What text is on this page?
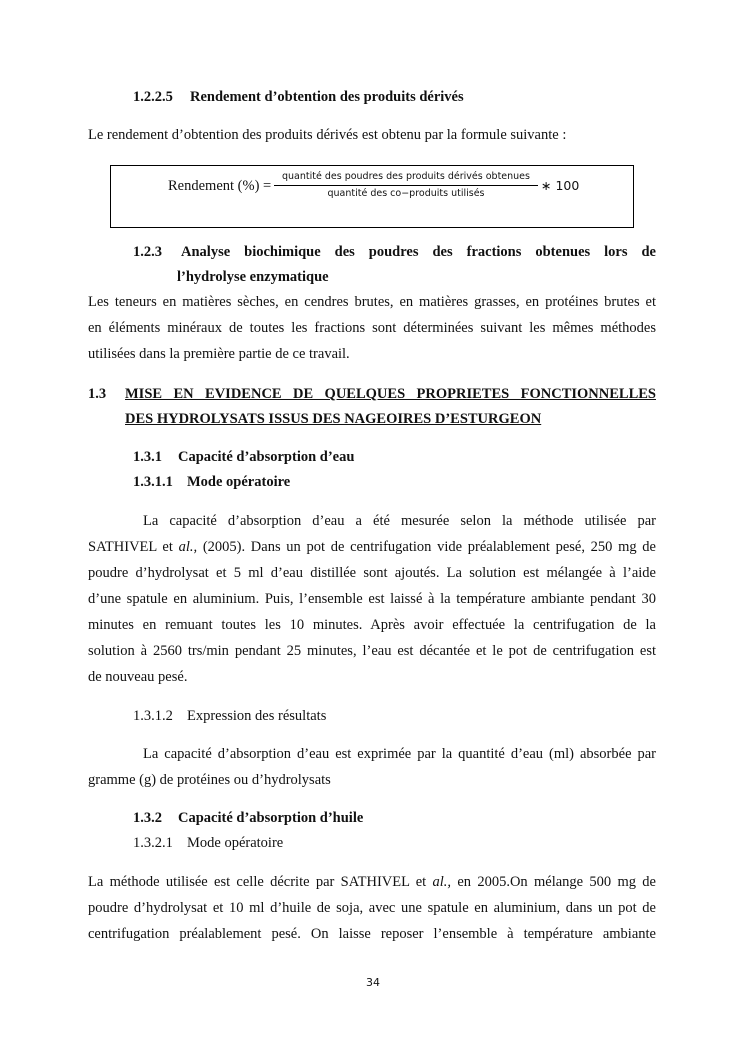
1.2.2.5 Rendement d’obtention des produits dérivés
Le rendement d’obtention des produits dérivés est obtenu par la formule suivante :
Rendement (%) =
quantité des poudres des produits dérivés obtenues
quantité des co−produits utilisés
∗ 100
1.2.3 Analyse biochimique des poudres des fractions obtenues lors de
l’hydrolyse enzymatique
Les teneurs en matières sèches, en cendres brutes, en matières grasses, en protéines brutes et
en éléments minéraux de toutes les fractions sont déterminées suivant les mêmes méthodes
utilisées dans la première partie de ce travail.
1.3 MISE EN EVIDENCE DE QUELQUES PROPRIETES FONCTIONNELLES
DES HYDROLYSATS ISSUS DES NAGEOIRES D’ESTURGEON
1.3.1 Capacité d’absorption d’eau
1.3.1.1 Mode opératoire
La capacité d’absorption d’eau a été mesurée selon la méthode utilisée par
SATHIVEL et al., (2005). Dans un pot de centrifugation vide préalablement pesé, 250 mg de
poudre d’hydrolysat et 5 ml d’eau distillée sont ajoutés. La solution est mélangée à l’aide
d’une spatule en aluminium. Puis, l’ensemble est laissé à la température ambiante pendant 30
minutes en remuant toutes les 10 minutes. Après avoir effectuée la centrifugation de la
solution à 2560 trs/min pendant 25 minutes, l’eau est décantée et le pot de centrifugation est
de nouveau pesé.
1.3.1.2 Expression des résultats
La capacité d’absorption d’eau est exprimée par la quantité d’eau (ml) absorbée par
gramme (g) de protéines ou d’hydrolysats
1.3.2 Capacité d’absorption d’huile
1.3.2.1 Mode opératoire
La méthode utilisée est celle décrite par SATHIVEL et al., en 2005.On mélange 500 mg de
poudre d’hydrolysat et 10 ml d’huile de soja, avec une spatule en aluminium, dans un pot de
centrifugation préalablement pesé. On laisse reposer l’ensemble à température ambiante
34
